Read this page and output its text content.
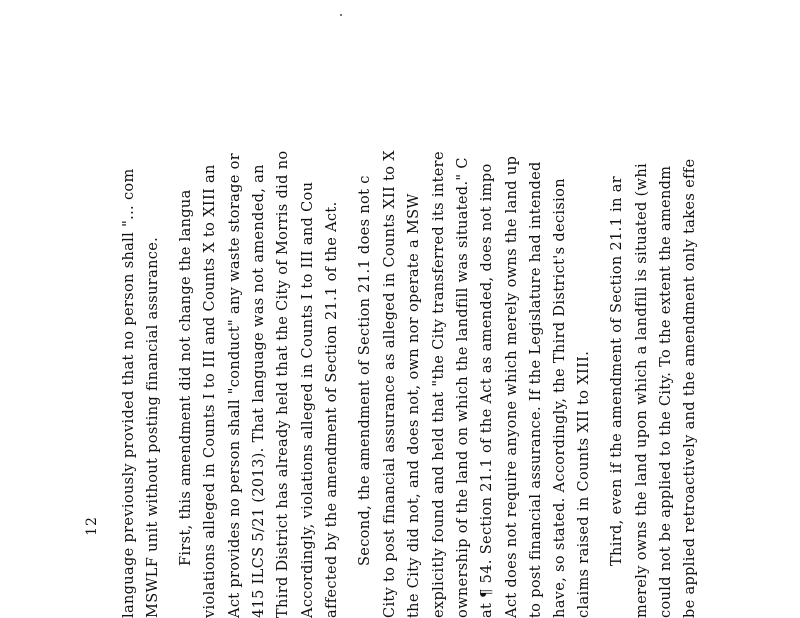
language previously provided that no person shall "... com MSWLF unit without posting financial assurance. First, this amendment did not change the langua violations alleged in Counts I to III and Counts X to XIII an Act provides no person shall "conduct" any waste storage or 415 ILCS 5/21 (2013). That language was not amended, an Third District has already held that the City of Morris did no Accordingly, violations alleged in Counts I to III and Cou affected by the amendment of Section 21.1 of the Act. Second, the amendment of Section 21.1 does not c City to post financial assurance as alleged in Counts XII to X the City did not, and does not, own nor operate a MSW explicitly found and held that "the City transferred its intere ownership of the land on which the landfill was situated." C at ¶ 54. Section 21.1 of the Act as amended, does not impo Act does not require anyone which merely owns the land up to post financial assurance. If the Legislature had intended have, so stated. Accordingly, the Third District's decision claims raised in Counts XII to XIII. Third, even if the amendment of Section 21.1 in ar merely owns the land upon which a landfill is situated (whi could not be applied to the City. To the extent the amendm be applied retroactively and the amendment only takes effe
12
